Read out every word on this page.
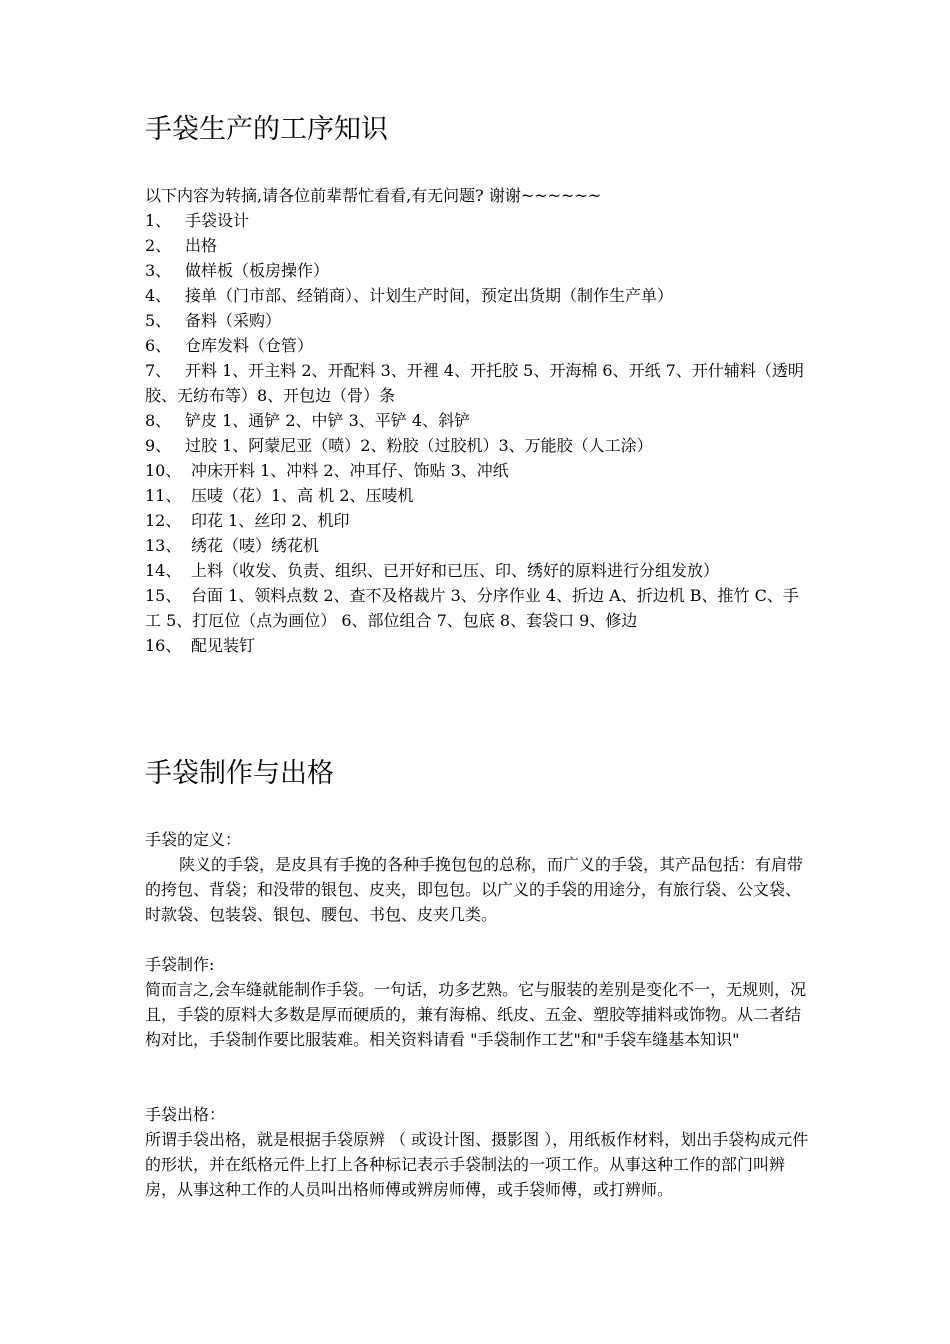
手袋生产的工序知识
以下内容为转摘,请各位前辈帮忙看看,有无问题? 谢谢~~~~~~
1、 手袋设计
2、 出格
3、 做样板（板房操作）
4、 接单（门市部、经销商）、计划生产时间，预定出货期（制作生产单）
5、 备料（采购）
6、 仓库发料（仓管）
7、 开料 1、开主料 2、开配料 3、开裡 4、开托胶 5、开海棉 6、开纸 7、开什辅料（透明胶、无纺布等）8、开包边（骨）条
8、 铲皮 1、通铲 2、中铲 3、平铲 4、斜铲
9、 过胶 1、阿蒙尼亚（喷）2、粉胶（过胶机）3、万能胶（人工涂）
10、 冲床开料 1、冲料 2、冲耳仔、饰贴 3、冲纸
11、 压唛（花）1、高 机 2、压唛机
12、 印花 1、丝印 2、机印
13、 绣花（唛）绣花机
14、 上料（收发、负责、组织、已开好和已压、印、绣好的原料进行分组发放）
15、 台面 1、领料点数 2、查不及格裁片 3、分序作业 4、折边 A、折边机 B、推竹 C、手工 5、打厄位（点为画位） 6、部位组合 7、包底 8、套袋口 9、修边
16、 配见装钉
手袋制作与出格
手袋的定义：
陕义的手袋，是皮具有手挽的各种手挽包包的总称，而广义的手袋，其产品包括：有肩带的挎包、背袋；和没带的银包、皮夹，即包包。以广义的手袋的用途分，有旅行袋、公文袋、时款袋、包装袋、银包、腰包、书包、皮夹几类。
手袋制作:
简而言之,会车缝就能制作手袋。一句话，功多艺熟。它与服装的差别是变化不一，无规则，况且，手袋的原料大多数是厚而硬质的，兼有海棉、纸皮、五金、塑胶等捕料或饰物。从二者结构对比，手袋制作要比服装难。相关资料请看 "手袋制作工艺"和"手袋车缝基本知识"
手袋出格：
所谓手袋出格，就是根据手袋原辨 （ 或设计图、摄影图 ），用纸板作材料，划出手袋构成元件的形状，并在纸格元件上打上各种标记表示手袋制法的一项工作。从事这种工作的部门叫辨房，从事这种工作的人员叫出格师傅或辨房师傅，或手袋师傅，或打辨师。
